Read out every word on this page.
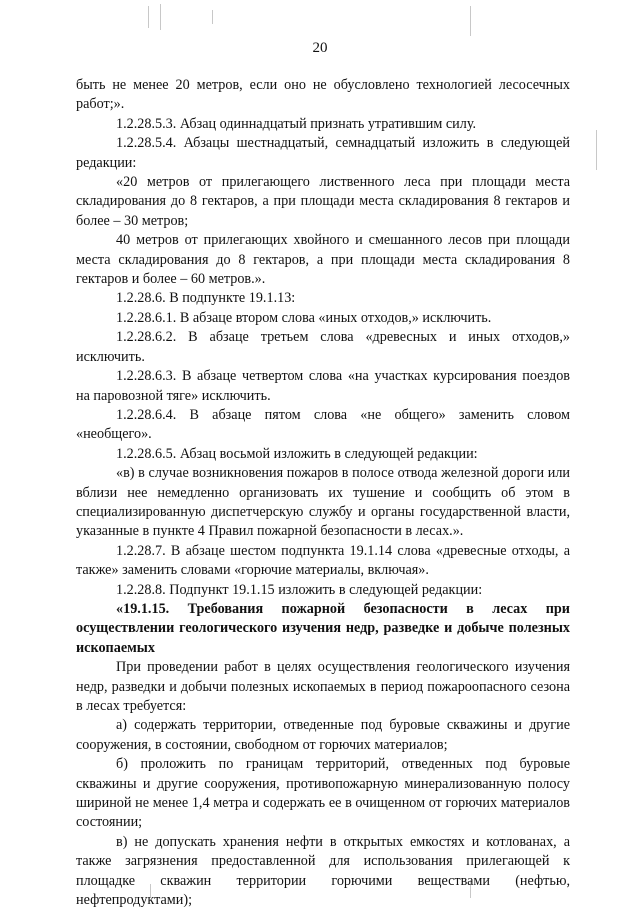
20

быть не менее 20 метров, если оно не обусловлено технологией лесосечных работ;».

1.2.28.5.3. Абзац одиннадцатый признать утратившим силу.

1.2.28.5.4. Абзацы шестнадцатый, семнадцатый изложить в следующей редакции:

«20 метров от прилегающего лиственного леса при площади места складирования до 8 гектаров, а при площади места складирования 8 гектаров и более – 30 метров;

40 метров от прилегающих хвойного и смешанного лесов при площади места складирования до 8 гектаров, а при площади места складирования 8 гектаров и более – 60 метров.».

1.2.28.6. В подпункте 19.1.13:

1.2.28.6.1. В абзаце втором слова «иных отходов,» исключить.

1.2.28.6.2. В абзаце третьем слова «древесных и иных отходов,» исключить.

1.2.28.6.3. В абзаце четвертом слова «на участках курсирования поездов на паровозной тяге» исключить.

1.2.28.6.4. В абзаце пятом слова «не общего» заменить словом «необщего».

1.2.28.6.5. Абзац восьмой изложить в следующей редакции:

«в) в случае возникновения пожаров в полосе отвода железной дороги или вблизи нее немедленно организовать их тушение и сообщить об этом в специализированную диспетчерскую службу и органы государственной власти, указанные в пункте 4 Правил пожарной безопасности в лесах.».

1.2.28.7. В абзаце шестом подпункта 19.1.14 слова «древесные отходы, а также» заменить словами «горючие материалы, включая».

1.2.28.8. Подпункт 19.1.15 изложить в следующей редакции:

«19.1.15. Требования пожарной безопасности в лесах при осуществлении геологического изучения недр, разведке и добыче полезных ископаемых

При проведении работ в целях осуществления геологического изучения недр, разведки и добычи полезных ископаемых в период пожароопасного сезона в лесах требуется:

а) содержать территории, отведенные под буровые скважины и другие сооружения, в состоянии, свободном от горючих материалов;

б) проложить по границам территорий, отведенных под буровые скважины и другие сооружения, противопожарную минерализованную полосу шириной не менее 1,4 метра и содержать ее в очищенном от горючих материалов состоянии;

в) не допускать хранения нефти в открытых емкостях и котлованах, а также загрязнения предоставленной для использования прилегающей к площадке скважин территории горючими веществами (нефтью, нефтепродуктами);
